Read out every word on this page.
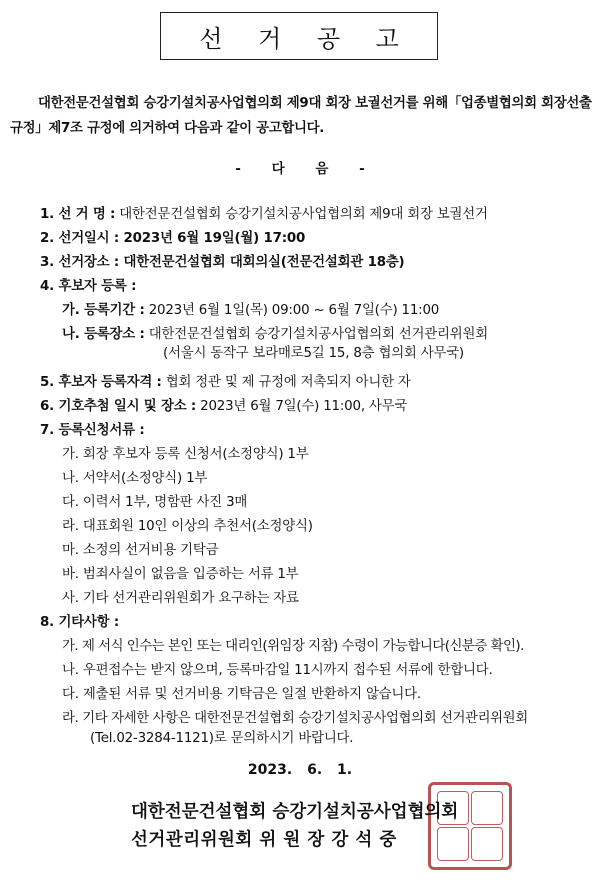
선 거 공 고
대한전문건설협회 승강기설치공사업협의회 제9대 회장 보궐선거를 위해「업종별협의회 회장선출규정」제7조 규정에 의거하여 다음과 같이 공고합니다.
- 다 음 -
1. 선 거 명 : 대한전문건설협회 승강기설치공사업협의회 제9대 회장 보궐선거
2. 선거일시 : 2023년 6월 19일(월) 17:00
3. 선거장소 : 대한전문건설협회 대회의실(전문건설회관 18층)
4. 후보자 등록 :
가. 등록기간 : 2023년 6월 1일(목) 09:00 ~ 6월 7일(수) 11:00
나. 등록장소 : 대한전문건설협회 승강기설치공사업협의회 선거관리위원회
(서울시 동작구 보라매로5길 15, 8층 협의회 사무국)
5. 후보자 등록자격 : 협회 정관 및 제 규정에 저촉되지 아니한 자
6. 기호추첨 일시 및 장소 : 2023년 6월 7일(수) 11:00, 사무국
7. 등록신청서류 :
가. 회장 후보자 등록 신청서(소정양식) 1부
나. 서약서(소정양식) 1부
다. 이력서 1부, 명함판 사진 3매
라. 대표회원 10인 이상의 추천서(소정양식)
마. 소정의 선거비용 기탁금
바. 범죄사실이 없음을 입증하는 서류 1부
사. 기타 선거관리위원회가 요구하는 자료
8. 기타사항 :
가. 제 서식 인수는 본인 또는 대리인(위임장 지참) 수령이 가능합니다(신분증 확인).
나. 우편접수는 받지 않으며, 등록마감일 11시까지 접수된 서류에 한합니다.
다. 제출된 서류 및 선거비용 기탁금은 일절 반환하지 않습니다.
라. 기타 자세한 사항은 대한전문건설협회 승강기설치공사업협의회 선거관리위원회
(Tel.02-3284-1121)로 문의하시기 바랍니다.
2023. 6. 1.
대한전문건설협회 승강기설치공사업협의회
선거관리위원회 위 원 장 강 석 중
